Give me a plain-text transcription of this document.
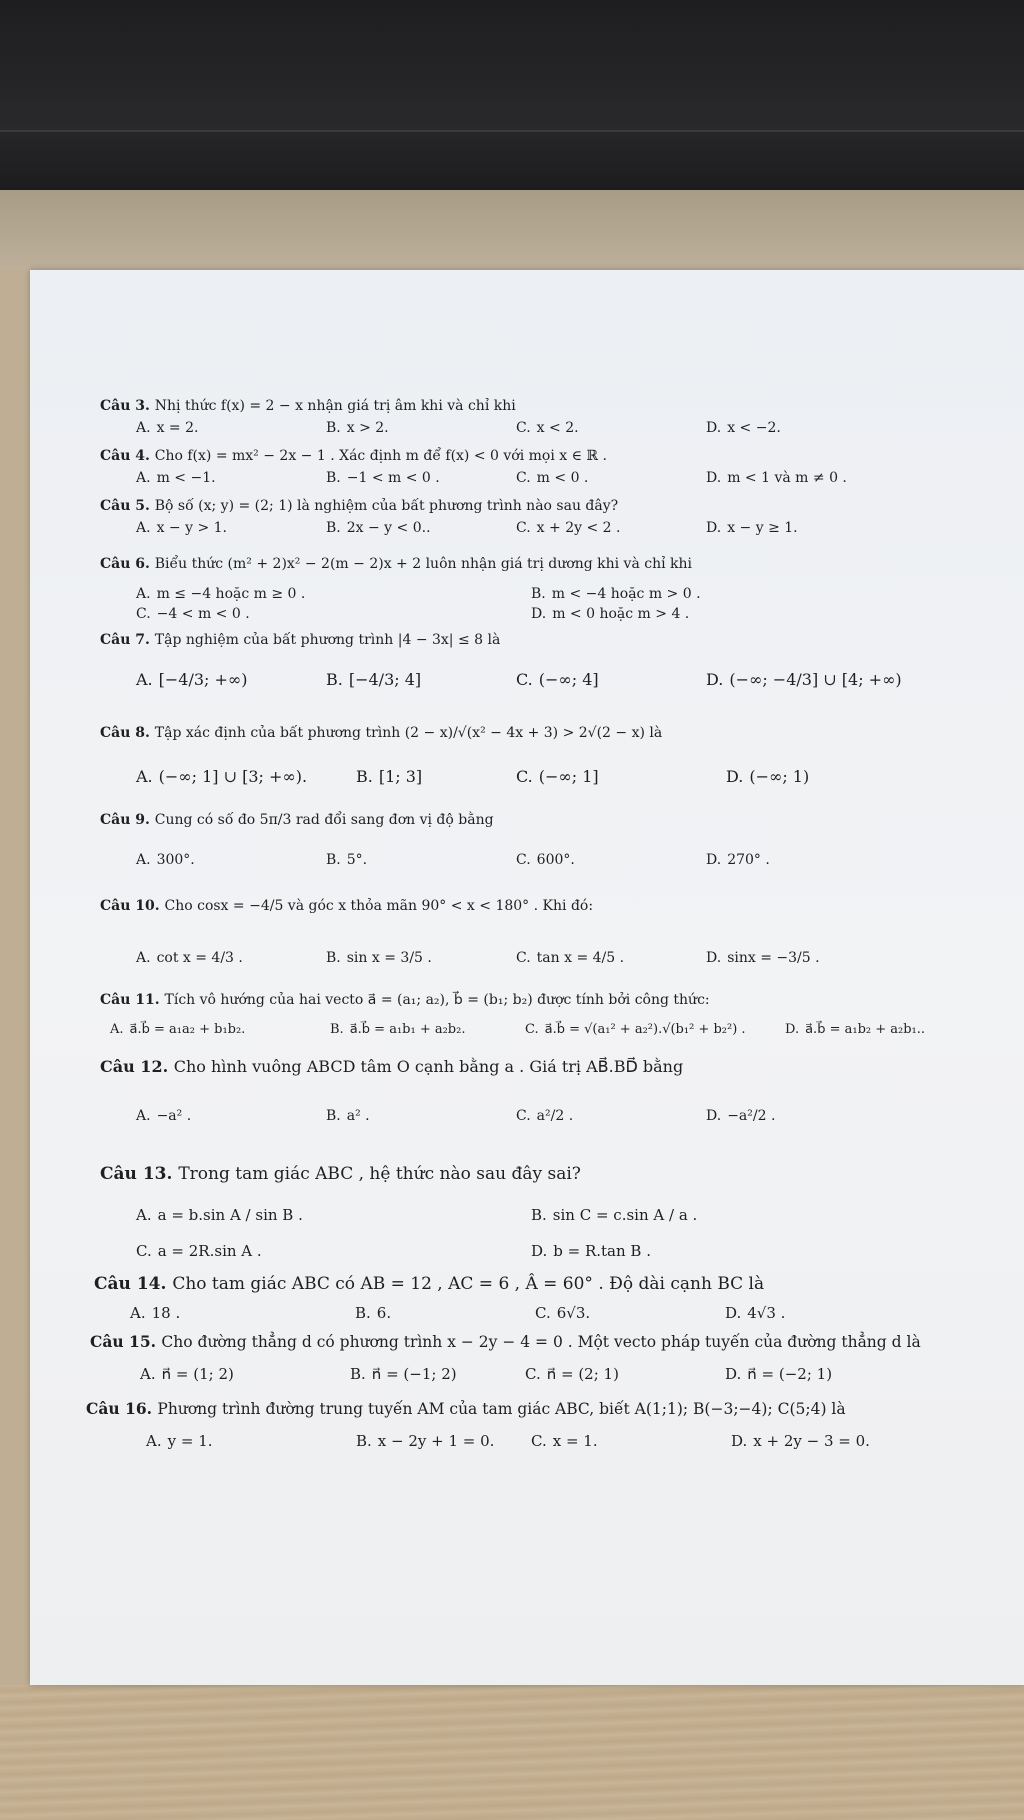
Câu 3. Nhị thức f(x) = 2 − x nhận giá trị âm khi và chỉ khi
A. x = 2.	B. x > 2.	C. x < 2.	D. x < −2.
Câu 4. Cho f(x) = mx² − 2x − 1 . Xác định m để f(x) < 0 với mọi x ∈ ℝ .
A. m < −1.	B. −1 < m < 0 .	C. m < 0 .	D. m < 1 và m ≠ 0 .
Câu 5. Bộ số (x; y) = (2; 1) là nghiệm của bất phương trình nào sau đây?
A. x − y > 1.	B. 2x − y < 0..	C. x + 2y < 2 .	D. x − y ≥ 1.
Câu 6. Biểu thức (m² + 2)x² − 2(m − 2)x + 2 luôn nhận giá trị dương khi và chỉ khi
A. m ≤ −4 hoặc m ≥ 0 .	B. m < −4 hoặc m > 0 .
C. −4 < m < 0 .	D. m < 0 hoặc m > 4 .
Câu 7. Tập nghiệm của bất phương trình |4 − 3x| ≤ 8 là
A. [−4/3; +∞)	B. [−4/3; 4]	C. (−∞; 4]	D. (−∞; −4/3] ∪ [4; +∞)
Câu 8. Tập xác định của bất phương trình (2 − x)/√(x² − 4x + 3) > 2√(2 − x) là
A. (−∞; 1] ∪ [3; +∞).	B. [1; 3]	C. (−∞; 1]	D. (−∞; 1)
Câu 9. Cung có số đo 5π/3 rad đổi sang đơn vị độ bằng
A. 300°.	B. 5°.	C. 600°.	D. 270° .
Câu 10. Cho cosx = −4/5 và góc x thỏa mãn 90° < x < 180° . Khi đó:
A. cot x = 4/3 .	B. sin x = 3/5 .	C. tan x = 4/5 .	D. sinx = −3/5 .
Câu 11. Tích vô hướng của hai vecto a⃗ = (a₁; a₂), b⃗ = (b₁; b₂) được tính bởi công thức:
A. a⃗.b⃗ = a₁a₂ + b₁b₂.	B. a⃗.b⃗ = a₁b₁ + a₂b₂.	C. a⃗.b⃗ = √(a₁² + a₂²).√(b₁² + b₂²) .	D. a⃗.b⃗ = a₁b₂ + a₂b₁..
Câu 12. Cho hình vuông ABCD tâm O cạnh bằng a . Giá trị AB⃗.BD⃗ bằng
A. −a² .	B. a² .	C. a²/2 .	D. −a²/2 .
Câu 13. Trong tam giác ABC , hệ thức nào sau đây sai?
A. a = b.sin A / sin B .	B. sin C = c.sin A / a .
C. a = 2R.sin A .	D. b = R.tan B .
Câu 14. Cho tam giác ABC có AB = 12 , AC = 6 , Â = 60° . Độ dài cạnh BC là
A. 18 .	B. 6.	C. 6√3.	D. 4√3 .
Câu 15. Cho đường thẳng d có phương trình x − 2y − 4 = 0 . Một vecto pháp tuyến của đường thẳng d là
A. n⃗ = (1; 2)	B. n⃗ = (−1; 2)	C. n⃗ = (2; 1)	D. n⃗ = (−2; 1)
Câu 16. Phương trình đường trung tuyến AM của tam giác ABC, biết A(1;1); B(−3;−4); C(5;4) là
A. y = 1.	B. x − 2y + 1 = 0.	C. x = 1.	D. x + 2y − 3 = 0.
